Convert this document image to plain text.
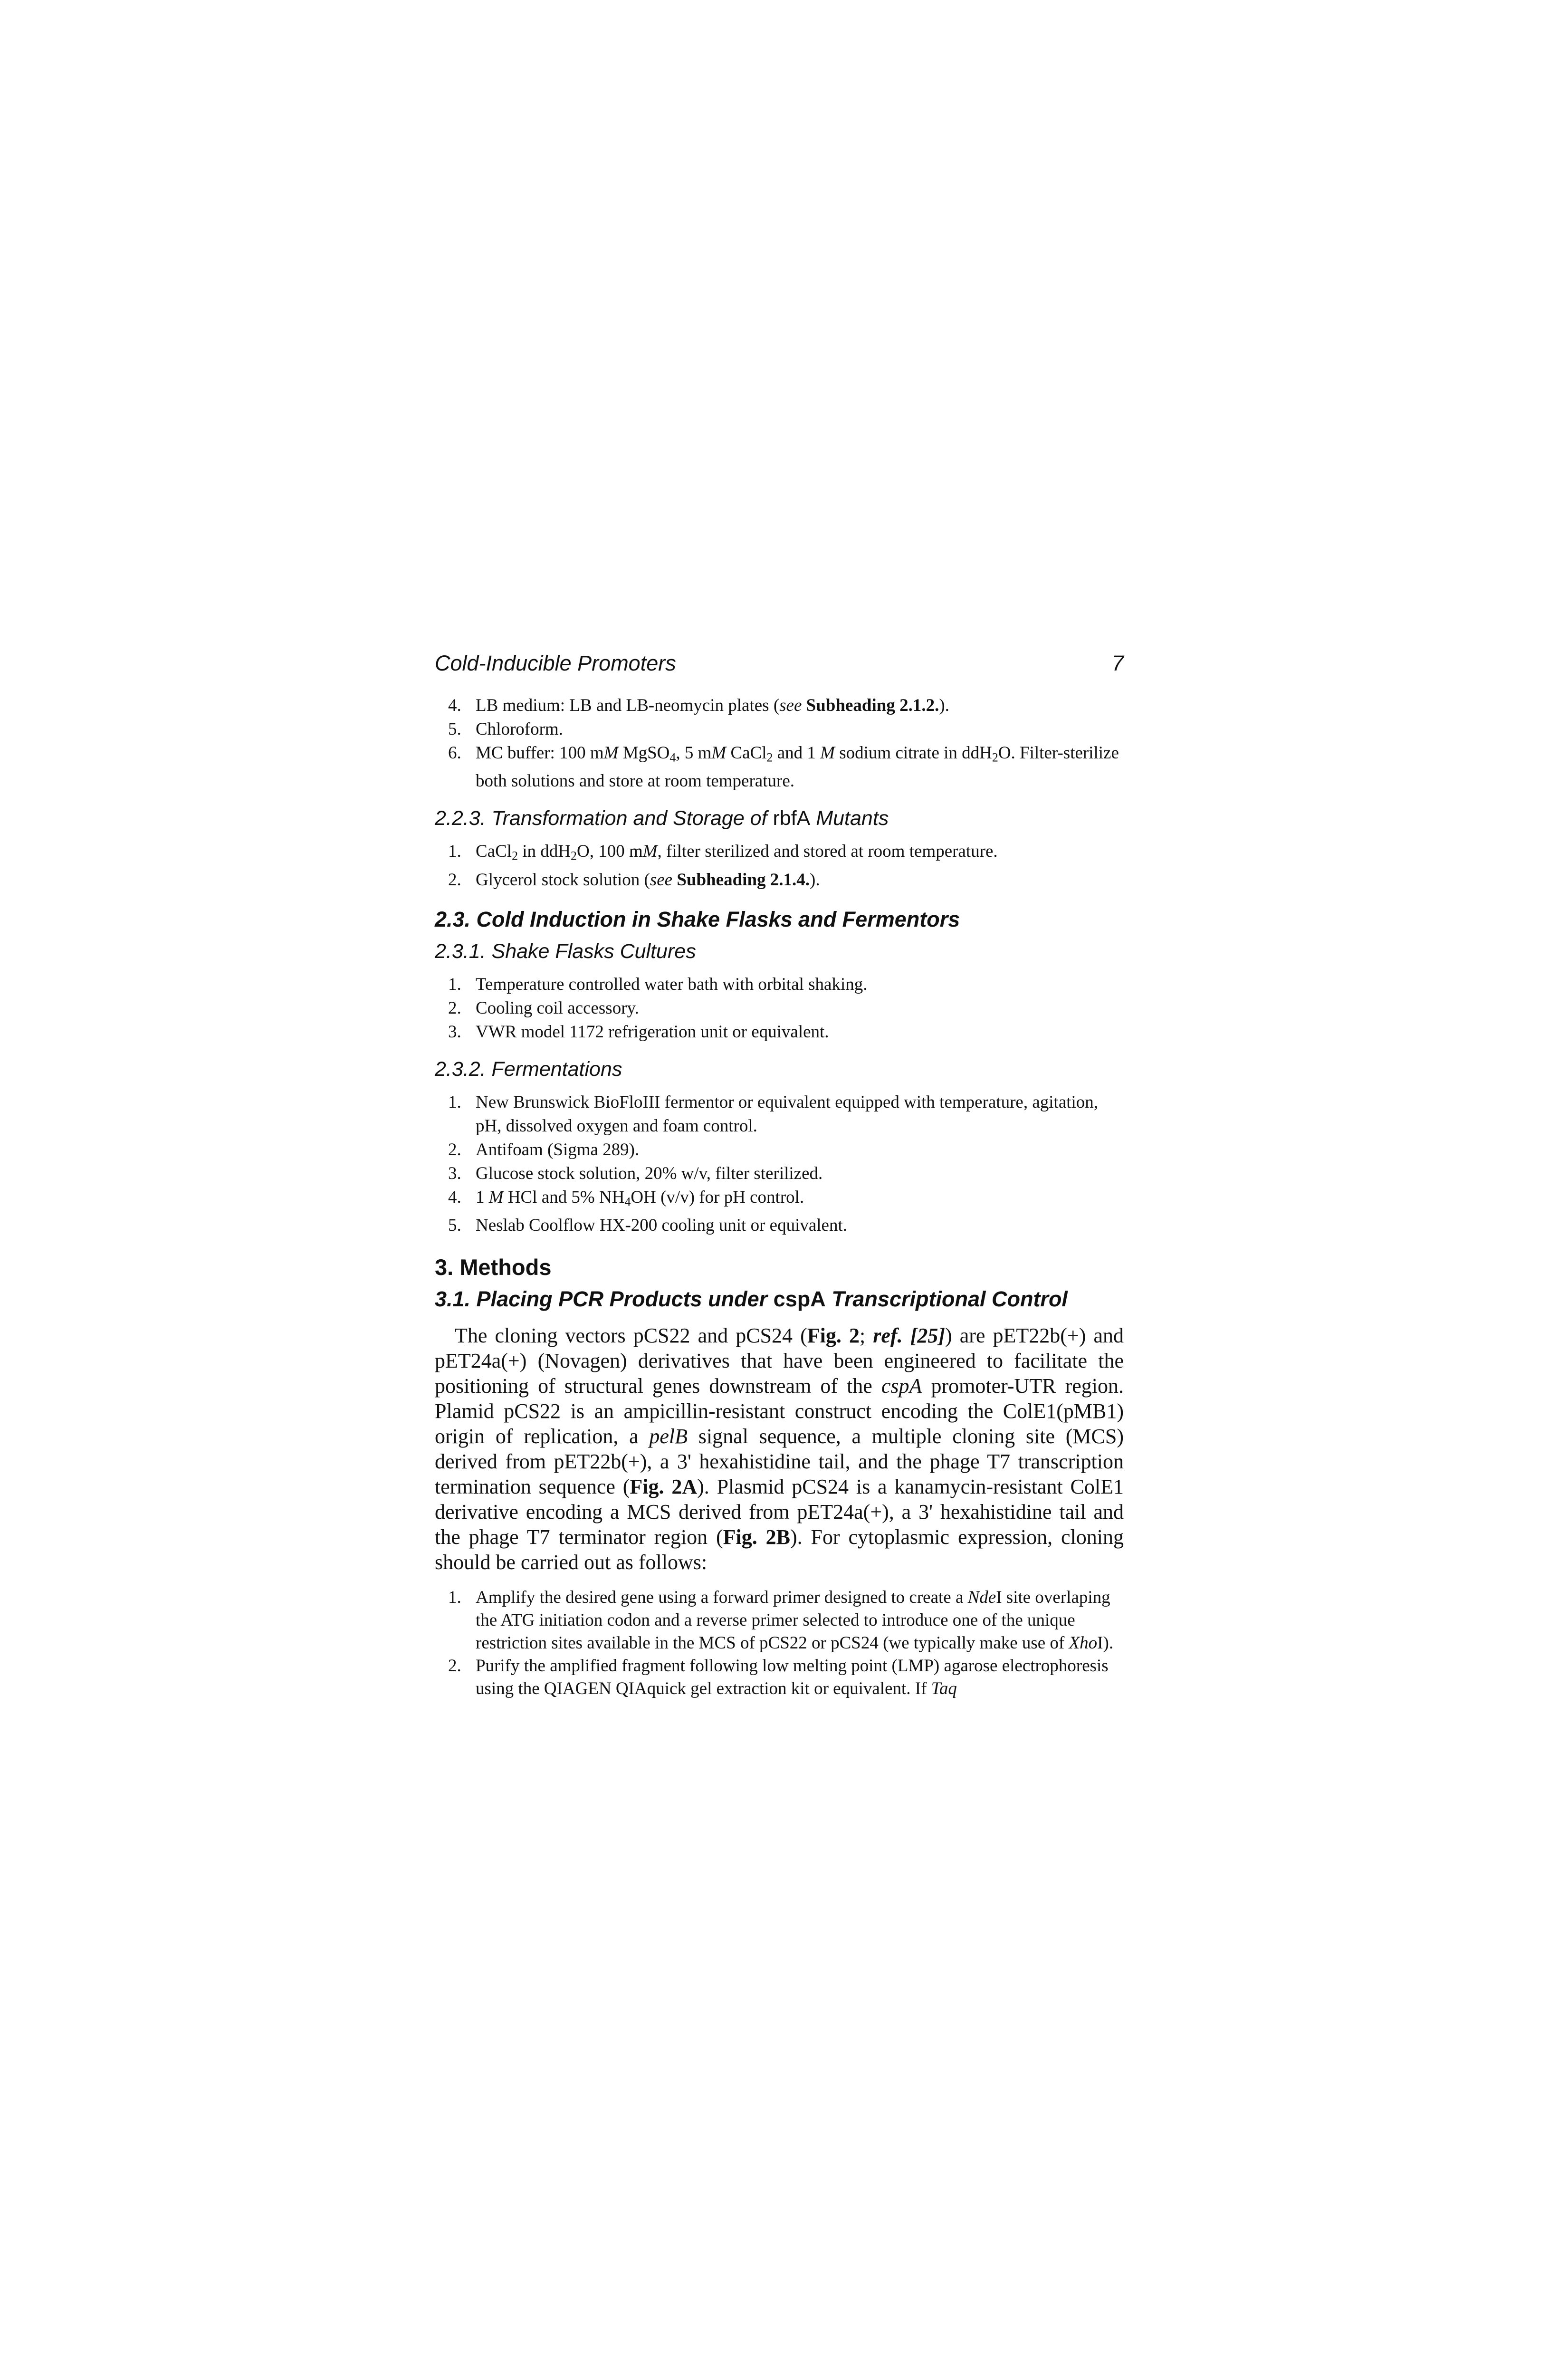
Cold-Inducible Promoters	7
4. LB medium: LB and LB-neomycin plates (see Subheading 2.1.2.).
5. Chloroform.
6. MC buffer: 100 mM MgSO$_4$, 5 mM CaCl$_2$ and 1 M sodium citrate in ddH$_2$O. Filter-sterilize both solutions and store at room temperature.
2.2.3. Transformation and Storage of rbfA Mutants
1. CaCl$_2$ in ddH$_2$O, 100 mM, filter sterilized and stored at room temperature.
2. Glycerol stock solution (see Subheading 2.1.4.).
2.3. Cold Induction in Shake Flasks and Fermentors
2.3.1. Shake Flasks Cultures
1. Temperature controlled water bath with orbital shaking.
2. Cooling coil accessory.
3. VWR model 1172 refrigeration unit or equivalent.
2.3.2. Fermentations
1. New Brunswick BioFloIII fermentor or equivalent equipped with temperature, agitation, pH, dissolved oxygen and foam control.
2. Antifoam (Sigma 289).
3. Glucose stock solution, 20% w/v, filter sterilized.
4. 1 M HCl and 5% $NH_4OH$ (v/v) for pH control.
5. Neslab Coolflow HX-200 cooling unit or equivalent.
3. Methods
3.1. Placing PCR Products under cspA Transcriptional Control

The cloning vectors pCS22 and pCS24 (Fig. 2; ref. [25]) are pET22b(+) and pET24a(+) (Novagen) derivatives that have been engineered to facilitate the positioning of structural genes downstream of the cspA promoter-UTR region. Plamid pCS22 is an ampicillin-resistant construct encoding the ColE1(pMB1) origin of replication, a pelB signal sequence, a multiple cloning site (MCS) derived from pET22b(+), a 3' hexahistidine tail, and the phage T7 transcription termination sequence (Fig. 2A). Plasmid pCS24 is a kanamycin-resistant ColE1 derivative encoding a MCS derived from pET24a(+), a 3' hexahistidine tail and the phage T7 terminator region (Fig. 2B). For cytoplasmic expression, cloning should be carried out as follows:

1. Amplify the desired gene using a forward primer designed to create a NdeI site overlaping the ATG initiation codon and a reverse primer selected to introduce one of the unique restriction sites available in the MCS of pCS22 or pCS24 (we typically make use of XhoI).
2. Purify the amplified fragment following low melting point (LMP) agarose electrophoresis using the QIAGEN QIAquick gel extraction kit or equivalent. If Taq
